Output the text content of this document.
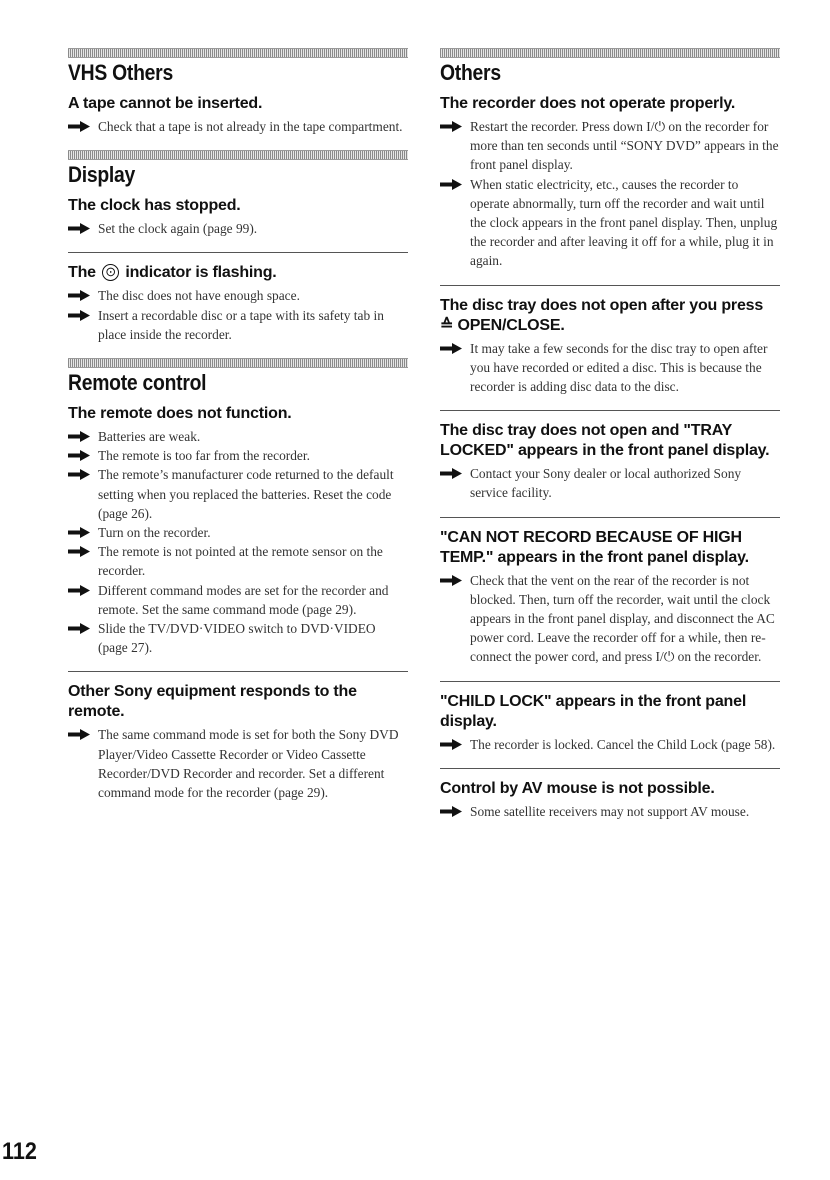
VHS Others
A tape cannot be inserted.
Check that a tape is not already in the tape compartment.
Display
The clock has stopped.
Set the clock again (page 99).
The ⊙ indicator is flashing.
The disc does not have enough space.
Insert a recordable disc or a tape with its safety tab in place inside the recorder.
Remote control
The remote does not function.
Batteries are weak.
The remote is too far from the recorder.
The remote’s manufacturer code returned to the default setting when you replaced the batteries. Reset the code (page 26).
Turn on the recorder.
The remote is not pointed at the remote sensor on the recorder.
Different command modes are set for the recorder and remote. Set the same command mode (page 29).
Slide the TV/DVD·VIDEO switch to DVD·VIDEO (page 27).
Other Sony equipment responds to the remote.
The same command mode is set for both the Sony DVD Player/Video Cassette Recorder or Video Cassette Recorder/DVD Recorder and recorder. Set a different command mode for the recorder (page 29).
Others
The recorder does not operate properly.
Restart the recorder. Press down I/⏻ on the recorder for more than ten seconds until “SONY DVD” appears in the front panel display.
When static electricity, etc., causes the recorder to operate abnormally, turn off the recorder and wait until the clock appears in the front panel display. Then, unplug the recorder and after leaving it off for a while, plug it in again.
The disc tray does not open after you press ≙ OPEN/CLOSE.
It may take a few seconds for the disc tray to open after you have recorded or edited a disc. This is because the recorder is adding disc data to the disc.
The disc tray does not open and "TRAY LOCKED" appears in the front panel display.
Contact your Sony dealer or local authorized Sony service facility.
"CAN NOT RECORD BECAUSE OF HIGH TEMP." appears in the front panel display.
Check that the vent on the rear of the recorder is not blocked. Then, turn off the recorder, wait until the clock appears in the front panel display, and disconnect the AC power cord. Leave the recorder off for a while, then re-connect the power cord, and press I/⏻ on the recorder.
"CHILD LOCK" appears in the front panel display.
The recorder is locked. Cancel the Child Lock (page 58).
Control by AV mouse is not possible.
Some satellite receivers may not support AV mouse.
112
